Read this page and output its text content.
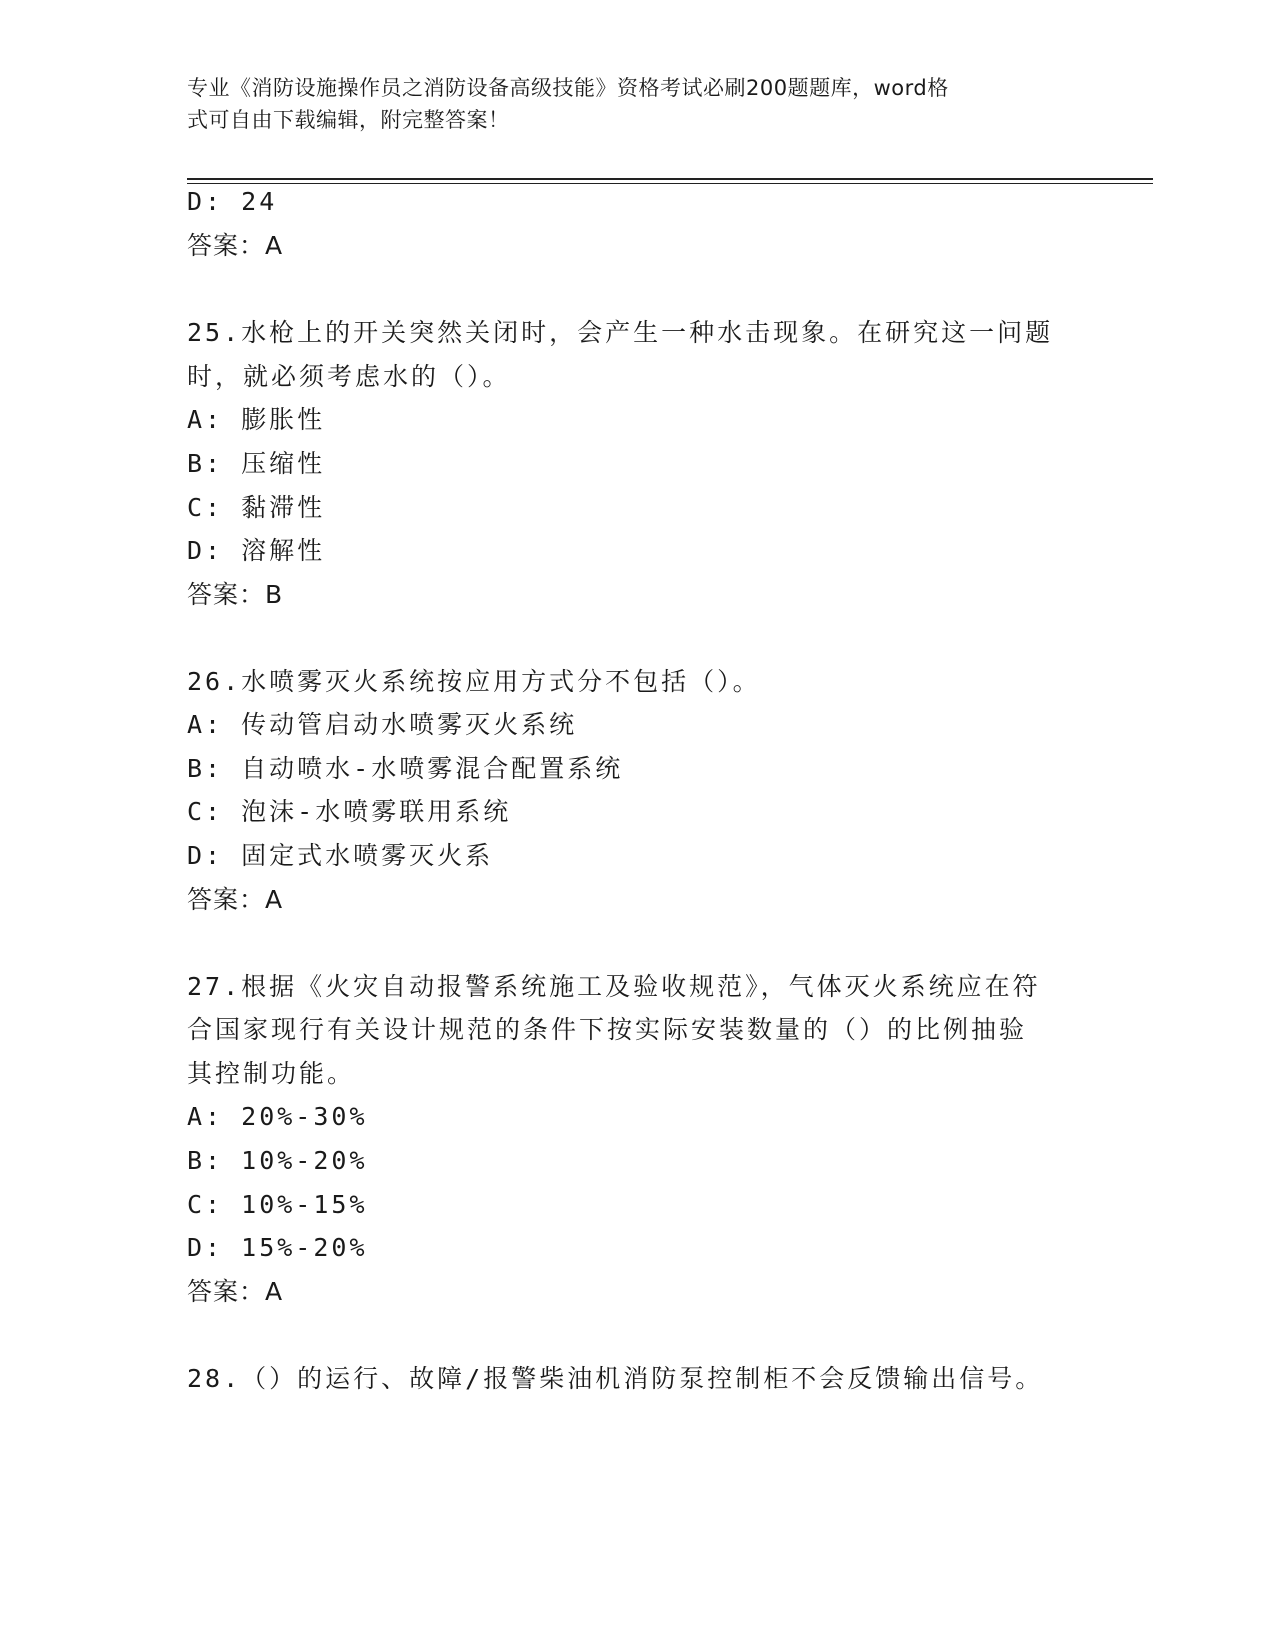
专业《消防设施操作员之消防设备高级技能》资格考试必刷200题题库，word格
式可自由下载编辑，附完整答案！
D: 24
答案：A
25.水枪上的开关突然关闭时，会产生一种水击现象。在研究这一问题
时，就必须考虑水的（）。
A: 膨胀性
B: 压缩性
C: 黏滞性
D: 溶解性
答案：B
26.水喷雾灭火系统按应用方式分不包括（）。
A: 传动管启动水喷雾灭火系统
B: 自动喷水-水喷雾混合配置系统
C: 泡沫-水喷雾联用系统
D: 固定式水喷雾灭火系
答案：A
27.根据《火灾自动报警系统施工及验收规范》，气体灭火系统应在符
合国家现行有关设计规范的条件下按实际安装数量的（）的比例抽验
其控制功能。
A: 20%-30%
B: 10%-20%
C: 10%-15%
D: 15%-20%
答案：A
28.（）的运行、故障/报警柴油机消防泵控制柜不会反馈输出信号。
